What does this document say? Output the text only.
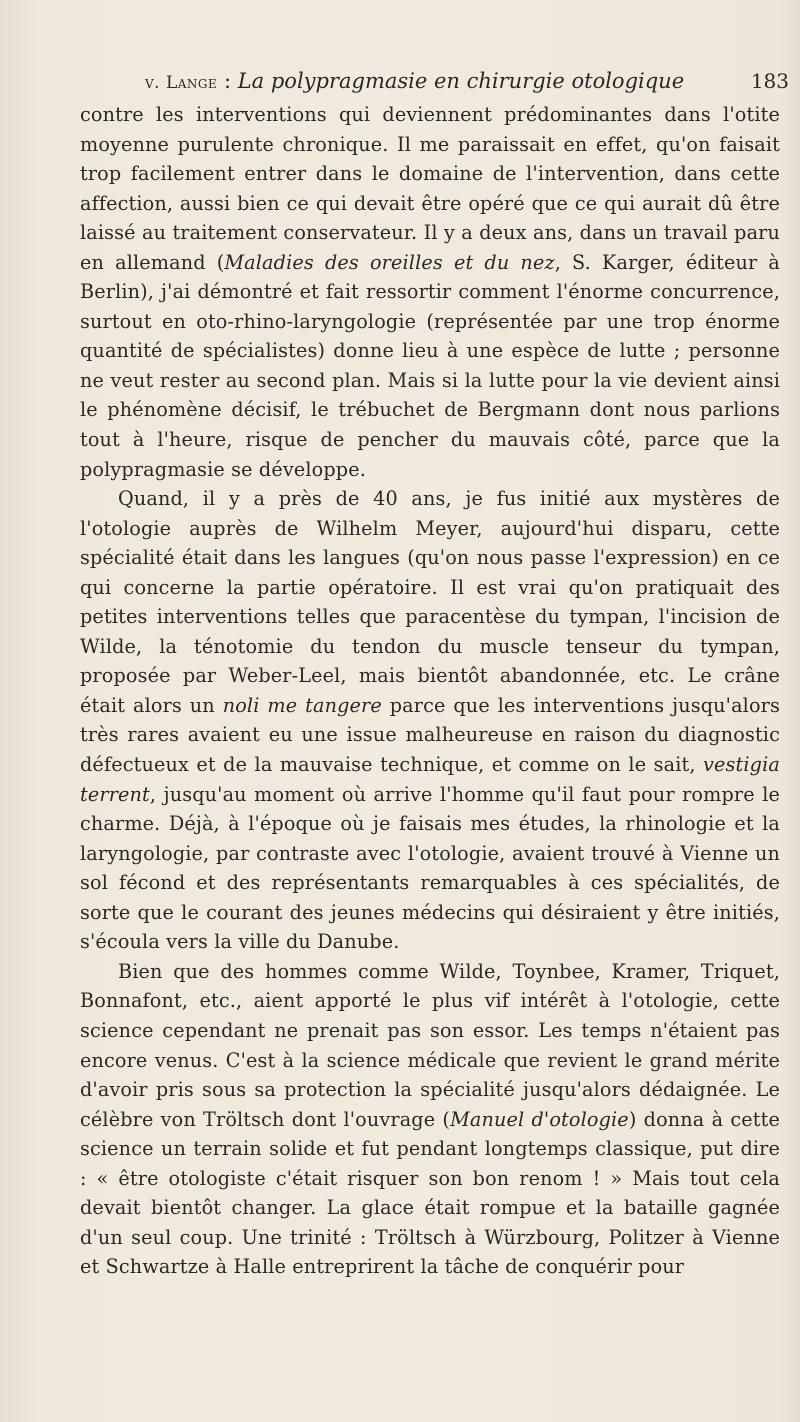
v. Lange : La polypragmasie en chirurgie otologique	183

contre les interventions qui deviennent prédominantes dans l'otite moyenne purulente chronique. Il me paraissait en effet, qu'on faisait trop facilement entrer dans le domaine de l'intervention, dans cette affection, aussi bien ce qui devait être opéré que ce qui aurait dû être laissé au traitement conservateur. Il y a deux ans, dans un travail paru en allemand (Maladies des oreilles et du nez, S. Karger, éditeur à Berlin), j'ai démontré et fait ressortir comment l'énorme concurrence, surtout en oto-rhino-laryngologie (représentée par une trop énorme quantité de spécialistes) donne lieu à une espèce de lutte ; personne ne veut rester au second plan. Mais si la lutte pour la vie devient ainsi le phénomène décisif, le trébuchet de Bergmann dont nous parlions tout à l'heure, risque de pencher du mauvais côté, parce que la polypragmasie se développe.

Quand, il y a près de 40 ans, je fus initié aux mystères de l'otologie auprès de Wilhelm Meyer, aujourd'hui disparu, cette spécialité était dans les langues (qu'on nous passe l'expression) en ce qui concerne la partie opératoire. Il est vrai qu'on pratiquait des petites interventions telles que paracentèse du tympan, l'incision de Wilde, la ténotomie du tendon du muscle tenseur du tympan, proposée par Weber-Leel, mais bientôt abandonnée, etc. Le crâne était alors un noli me tangere parce que les interventions jusqu'alors très rares avaient eu une issue malheureuse en raison du diagnostic défectueux et de la mauvaise technique, et comme on le sait, vestigia terrent, jusqu'au moment où arrive l'homme qu'il faut pour rompre le charme. Déjà, à l'époque où je faisais mes études, la rhinologie et la laryngologie, par contraste avec l'otologie, avaient trouvé à Vienne un sol fécond et des représentants remarquables à ces spécialités, de sorte que le courant des jeunes médecins qui désiraient y être initiés, s'écoula vers la ville du Danube.

Bien que des hommes comme Wilde, Toynbee, Kramer, Triquet, Bonnafont, etc., aient apporté le plus vif intérêt à l'otologie, cette science cependant ne prenait pas son essor. Les temps n'étaient pas encore venus. C'est à la science médicale que revient le grand mérite d'avoir pris sous sa protection la spécialité jusqu'alors dédaignée. Le célèbre von Tröltsch dont l'ouvrage (Manuel d'otologie) donna à cette science un terrain solide et fut pendant longtemps classique, put dire : « être otologiste c'était risquer son bon renom ! » Mais tout cela devait bientôt changer. La glace était rompue et la bataille gagnée d'un seul coup. Une trinité : Tröltsch à Würzbourg, Politzer à Vienne et Schwartze à Halle entreprirent la tâche de conquérir pour
